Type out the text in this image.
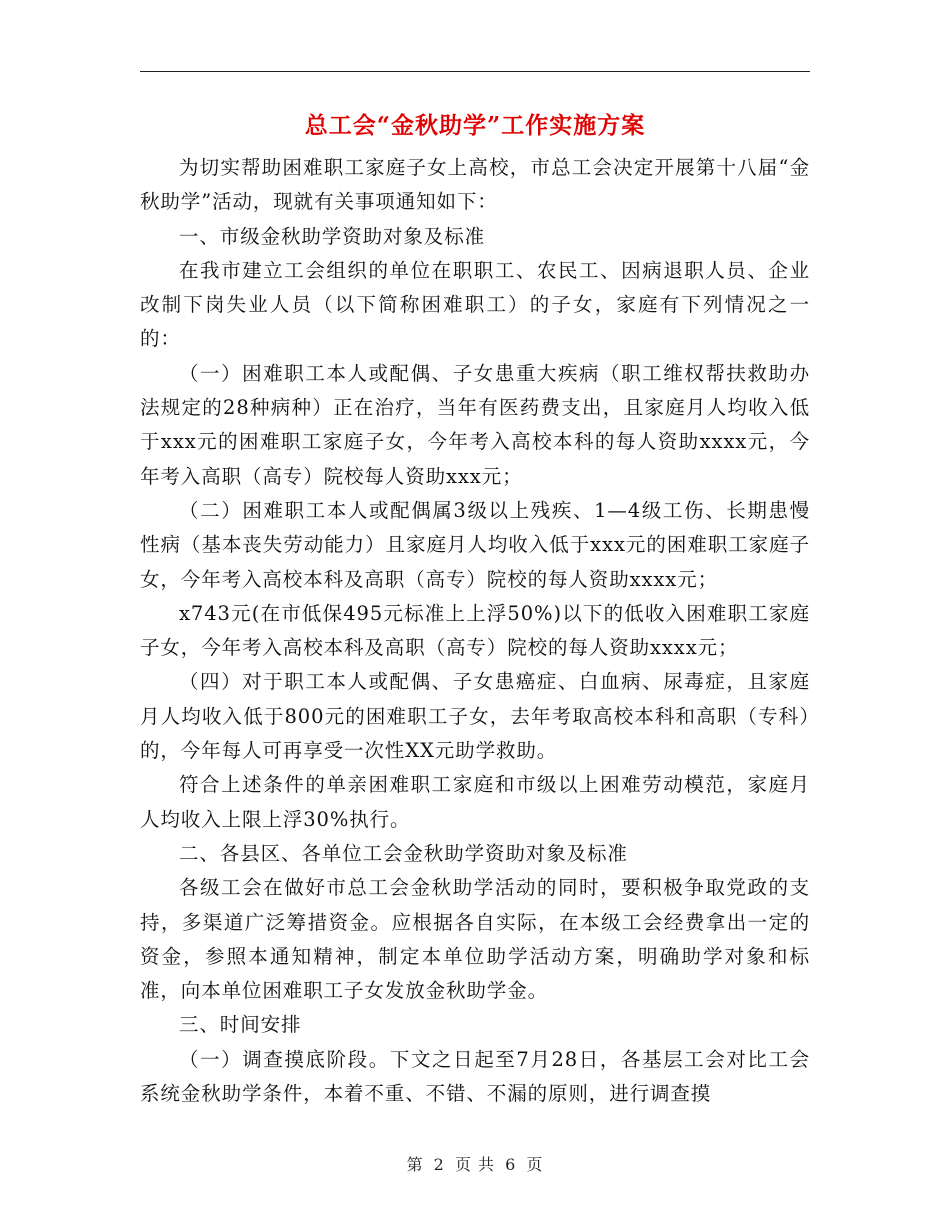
总工会“金秋助学”工作实施方案

为切实帮助困难职工家庭子女上高校，市总工会决定开展第十八届“金秋助学”活动，现就有关事项通知如下：

一、市级金秋助学资助对象及标准

在我市建立工会组织的单位在职职工、农民工、因病退职人员、企业改制下岗失业人员（以下简称困难职工）的子女，家庭有下列情况之一的：

（一）困难职工本人或配偶、子女患重大疾病（职工维权帮扶救助办法规定的28种病种）正在治疗，当年有医药费支出，且家庭月人均收入低于xxx元的困难职工家庭子女，今年考入高校本科的每人资助xxxx元，今年考入高职（高专）院校每人资助xxx元；

（二）困难职工本人或配偶属3级以上残疾、1—4级工伤、长期患慢性病（基本丧失劳动能力）且家庭月人均收入低于xxx元的困难职工家庭子女，今年考入高校本科及高职（高专）院校的每人资助xxxx元；

x743元(在市低保495元标准上上浮50%)以下的低收入困难职工家庭子女，今年考入高校本科及高职（高专）院校的每人资助xxxx元；

（四）对于职工本人或配偶、子女患癌症、白血病、尿毒症，且家庭月人均收入低于800元的困难职工子女，去年考取高校本科和高职（专科）的，今年每人可再享受一次性XX元助学救助。

符合上述条件的单亲困难职工家庭和市级以上困难劳动模范，家庭月人均收入上限上浮30%执行。

二、各县区、各单位工会金秋助学资助对象及标准

各级工会在做好市总工会金秋助学活动的同时，要积极争取党政的支持，多渠道广泛筹措资金。应根据各自实际，在本级工会经费拿出一定的资金，参照本通知精神，制定本单位助学活动方案，明确助学对象和标准，向本单位困难职工子女发放金秋助学金。

三、时间安排

（一）调查摸底阶段。下文之日起至7月28日，各基层工会对比工会系统金秋助学条件，本着不重、不错、不漏的原则，进行调查摸

第 2 页 共 6 页
